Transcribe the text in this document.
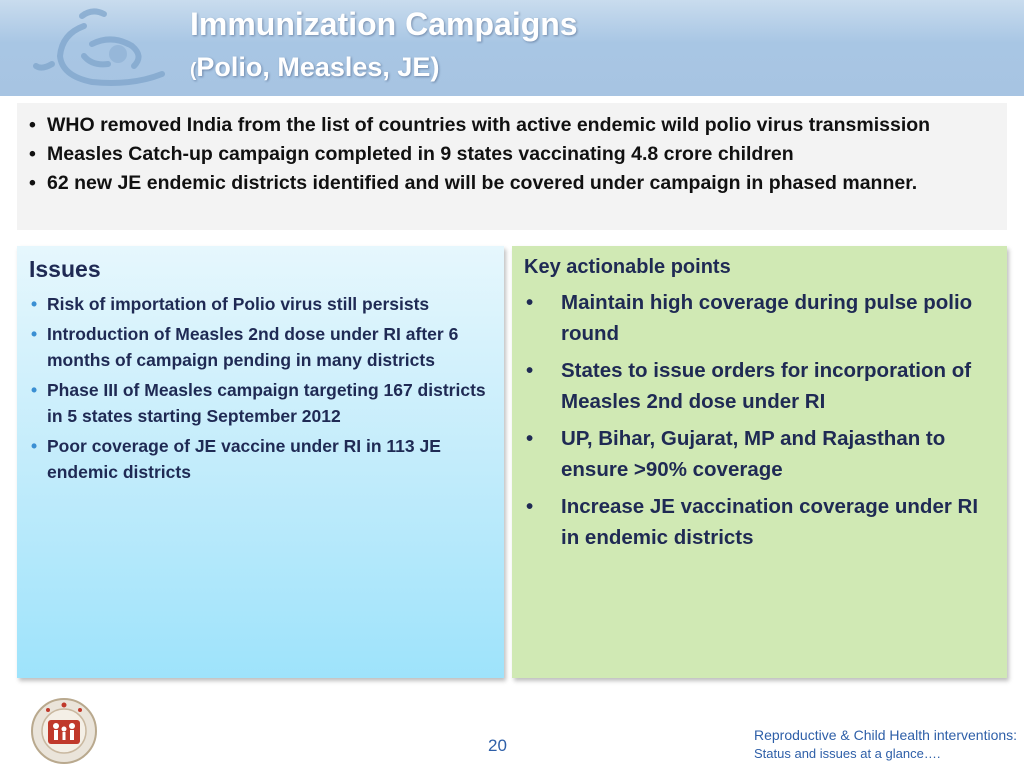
Immunization Campaigns
(Polio, Measles, JE)
• WHO removed India from the list of countries with active endemic wild polio virus transmission
• Measles Catch-up campaign completed in 9 states vaccinating 4.8 crore children
• 62 new JE endemic districts identified and will be covered under campaign in phased manner.
Issues
• Risk of importation of Polio virus still persists
• Introduction of Measles 2nd dose under RI after 6 months of campaign pending in many districts
• Phase III of Measles campaign targeting 167 districts in 5 states starting September 2012
• Poor coverage of JE vaccine under RI in 113 JE endemic districts
Key actionable points
• Maintain high coverage during pulse polio round
• States to issue orders for incorporation of Measles 2nd dose under RI
• UP, Bihar, Gujarat, MP and Rajasthan to ensure >90% coverage
• Increase JE vaccination coverage under RI in endemic districts
20
Reproductive & Child Health interventions:
Status and issues at a glance….
